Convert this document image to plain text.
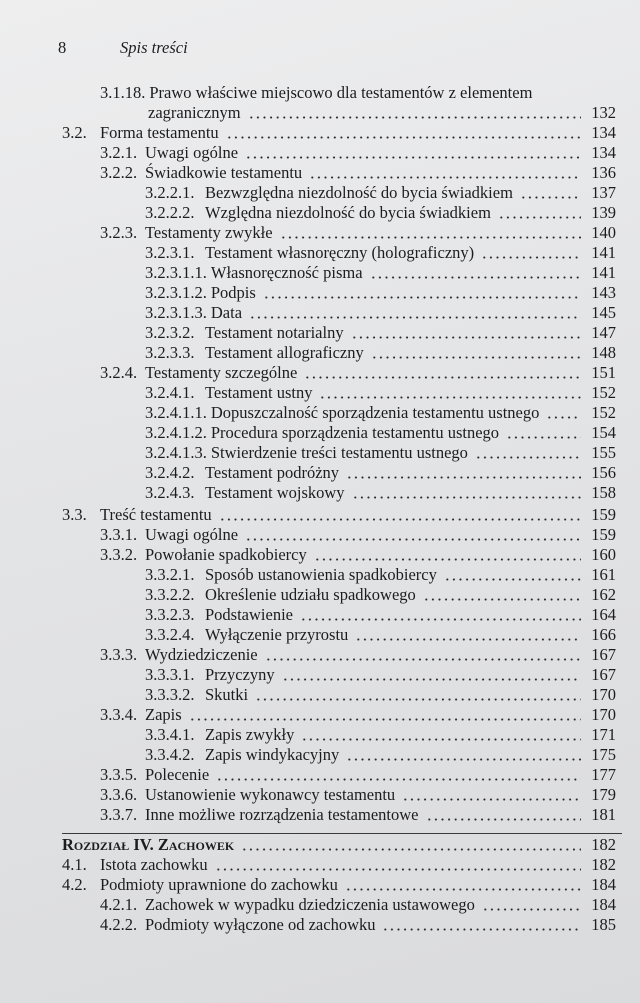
8	Spis treści
3.1.18. Prawo właściwe miejscowo dla testamentów z elementem
zagranicznym	132
3.2. Forma testamentu	134
3.2.1. Uwagi ogólne	134
3.2.2. Świadkowie testamentu	136
3.2.2.1. Bezwzględna niezdolność do bycia świadkiem	137
3.2.2.2. Względna niezdolność do bycia świadkiem	139
3.2.3. Testamenty zwykłe	140
3.2.3.1. Testament własnoręczny (holograficzny)	141
3.2.3.1.1. Własnoręczność pisma	141
3.2.3.1.2. Podpis	143
3.2.3.1.3. Data	145
3.2.3.2. Testament notarialny	147
3.2.3.3. Testament allograficzny	148
3.2.4. Testamenty szczególne	151
3.2.4.1. Testament ustny	152
3.2.4.1.1. Dopuszczalność sporządzenia testamentu ustnego	152
3.2.4.1.2. Procedura sporządzenia testamentu ustnego	154
3.2.4.1.3. Stwierdzenie treści testamentu ustnego	155
3.2.4.2. Testament podróżny	156
3.2.4.3. Testament wojskowy	158
3.3. Treść testamentu	159
3.3.1. Uwagi ogólne	159
3.3.2. Powołanie spadkobiercy	160
3.3.2.1. Sposób ustanowienia spadkobiercy	161
3.3.2.2. Określenie udziału spadkowego	162
3.3.2.3. Podstawienie	164
3.3.2.4. Wyłączenie przyrostu	166
3.3.3. Wydziedziczenie	167
3.3.3.1. Przyczyny	167
3.3.3.2. Skutki	170
3.3.4. Zapis	170
3.3.4.1. Zapis zwykły	171
3.3.4.2. Zapis windykacyjny	175
3.3.5. Polecenie	177
3.3.6. Ustanowienie wykonawcy testamentu	179
3.3.7. Inne możliwe rozrządzenia testamentowe	181
Rozdział IV. Zachowek	182
4.1. Istota zachowku	182
4.2. Podmioty uprawnione do zachowku	184
4.2.1. Zachowek w wypadku dziedziczenia ustawowego	184
4.2.2. Podmioty wyłączone od zachowku	185
